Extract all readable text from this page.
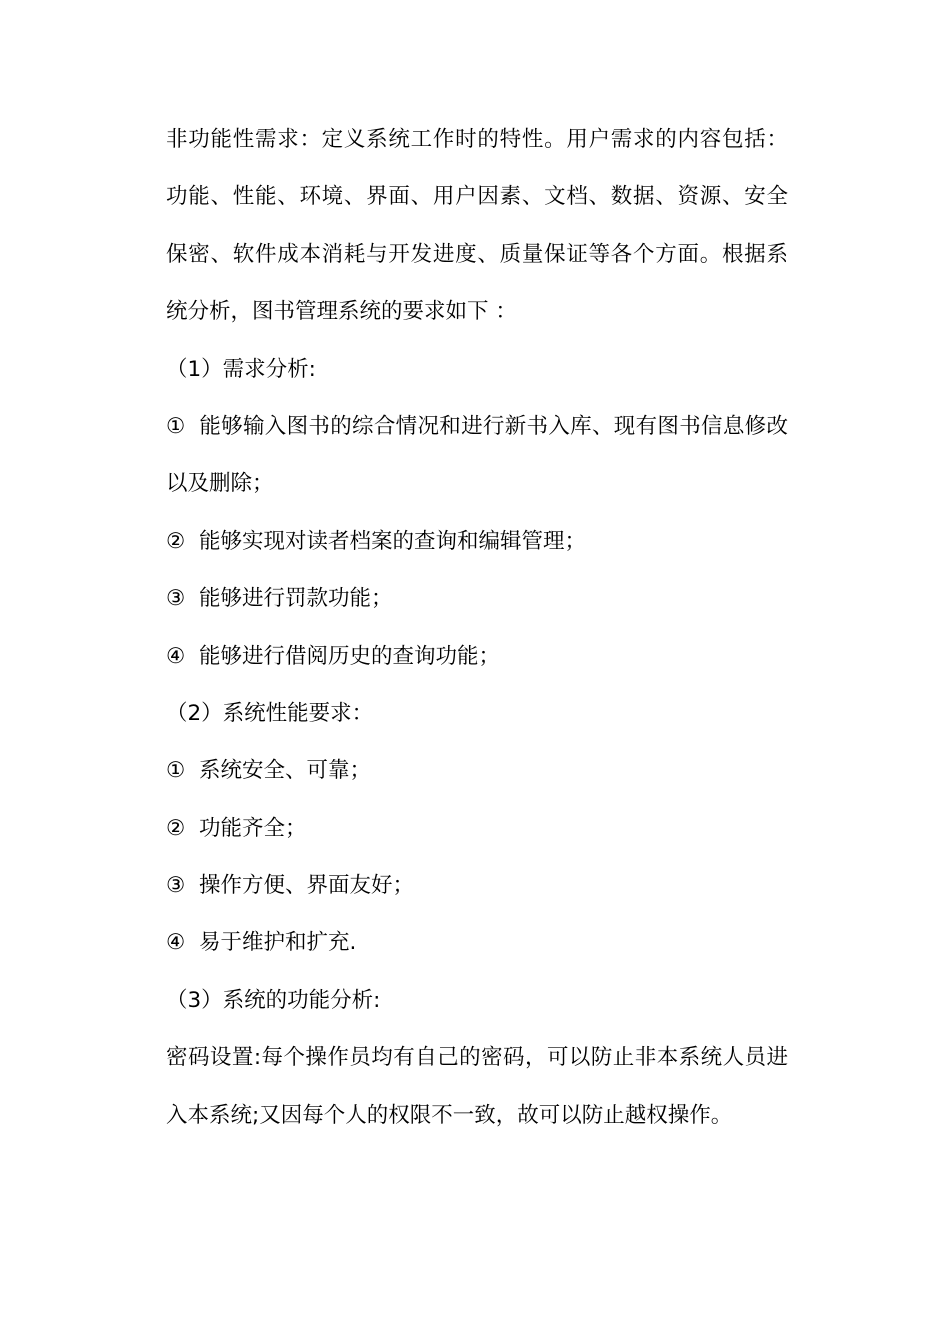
非功能性需求：定义系统工作时的特性。用户需求的内容包括：
功能、性能、环境、界面、用户因素、文档、数据、资源、安全
保密、软件成本消耗与开发进度、质量保证等各个方面。根据系
统分析，图书管理系统的要求如下 ：
（1）需求分析:
① 能够输入图书的综合情况和进行新书入库、现有图书信息修改
以及删除；
② 能够实现对读者档案的查询和编辑管理；
③ 能够进行罚款功能；
④ 能够进行借阅历史的查询功能；
（2）系统性能要求：
① 系统安全、可靠；
② 功能齐全；
③ 操作方便、界面友好；
④ 易于维护和扩充.
（3）系统的功能分析:
密码设置:每个操作员均有自己的密码，可以防止非本系统人员进
入本系统;又因每个人的权限不一致，故可以防止越权操作。
